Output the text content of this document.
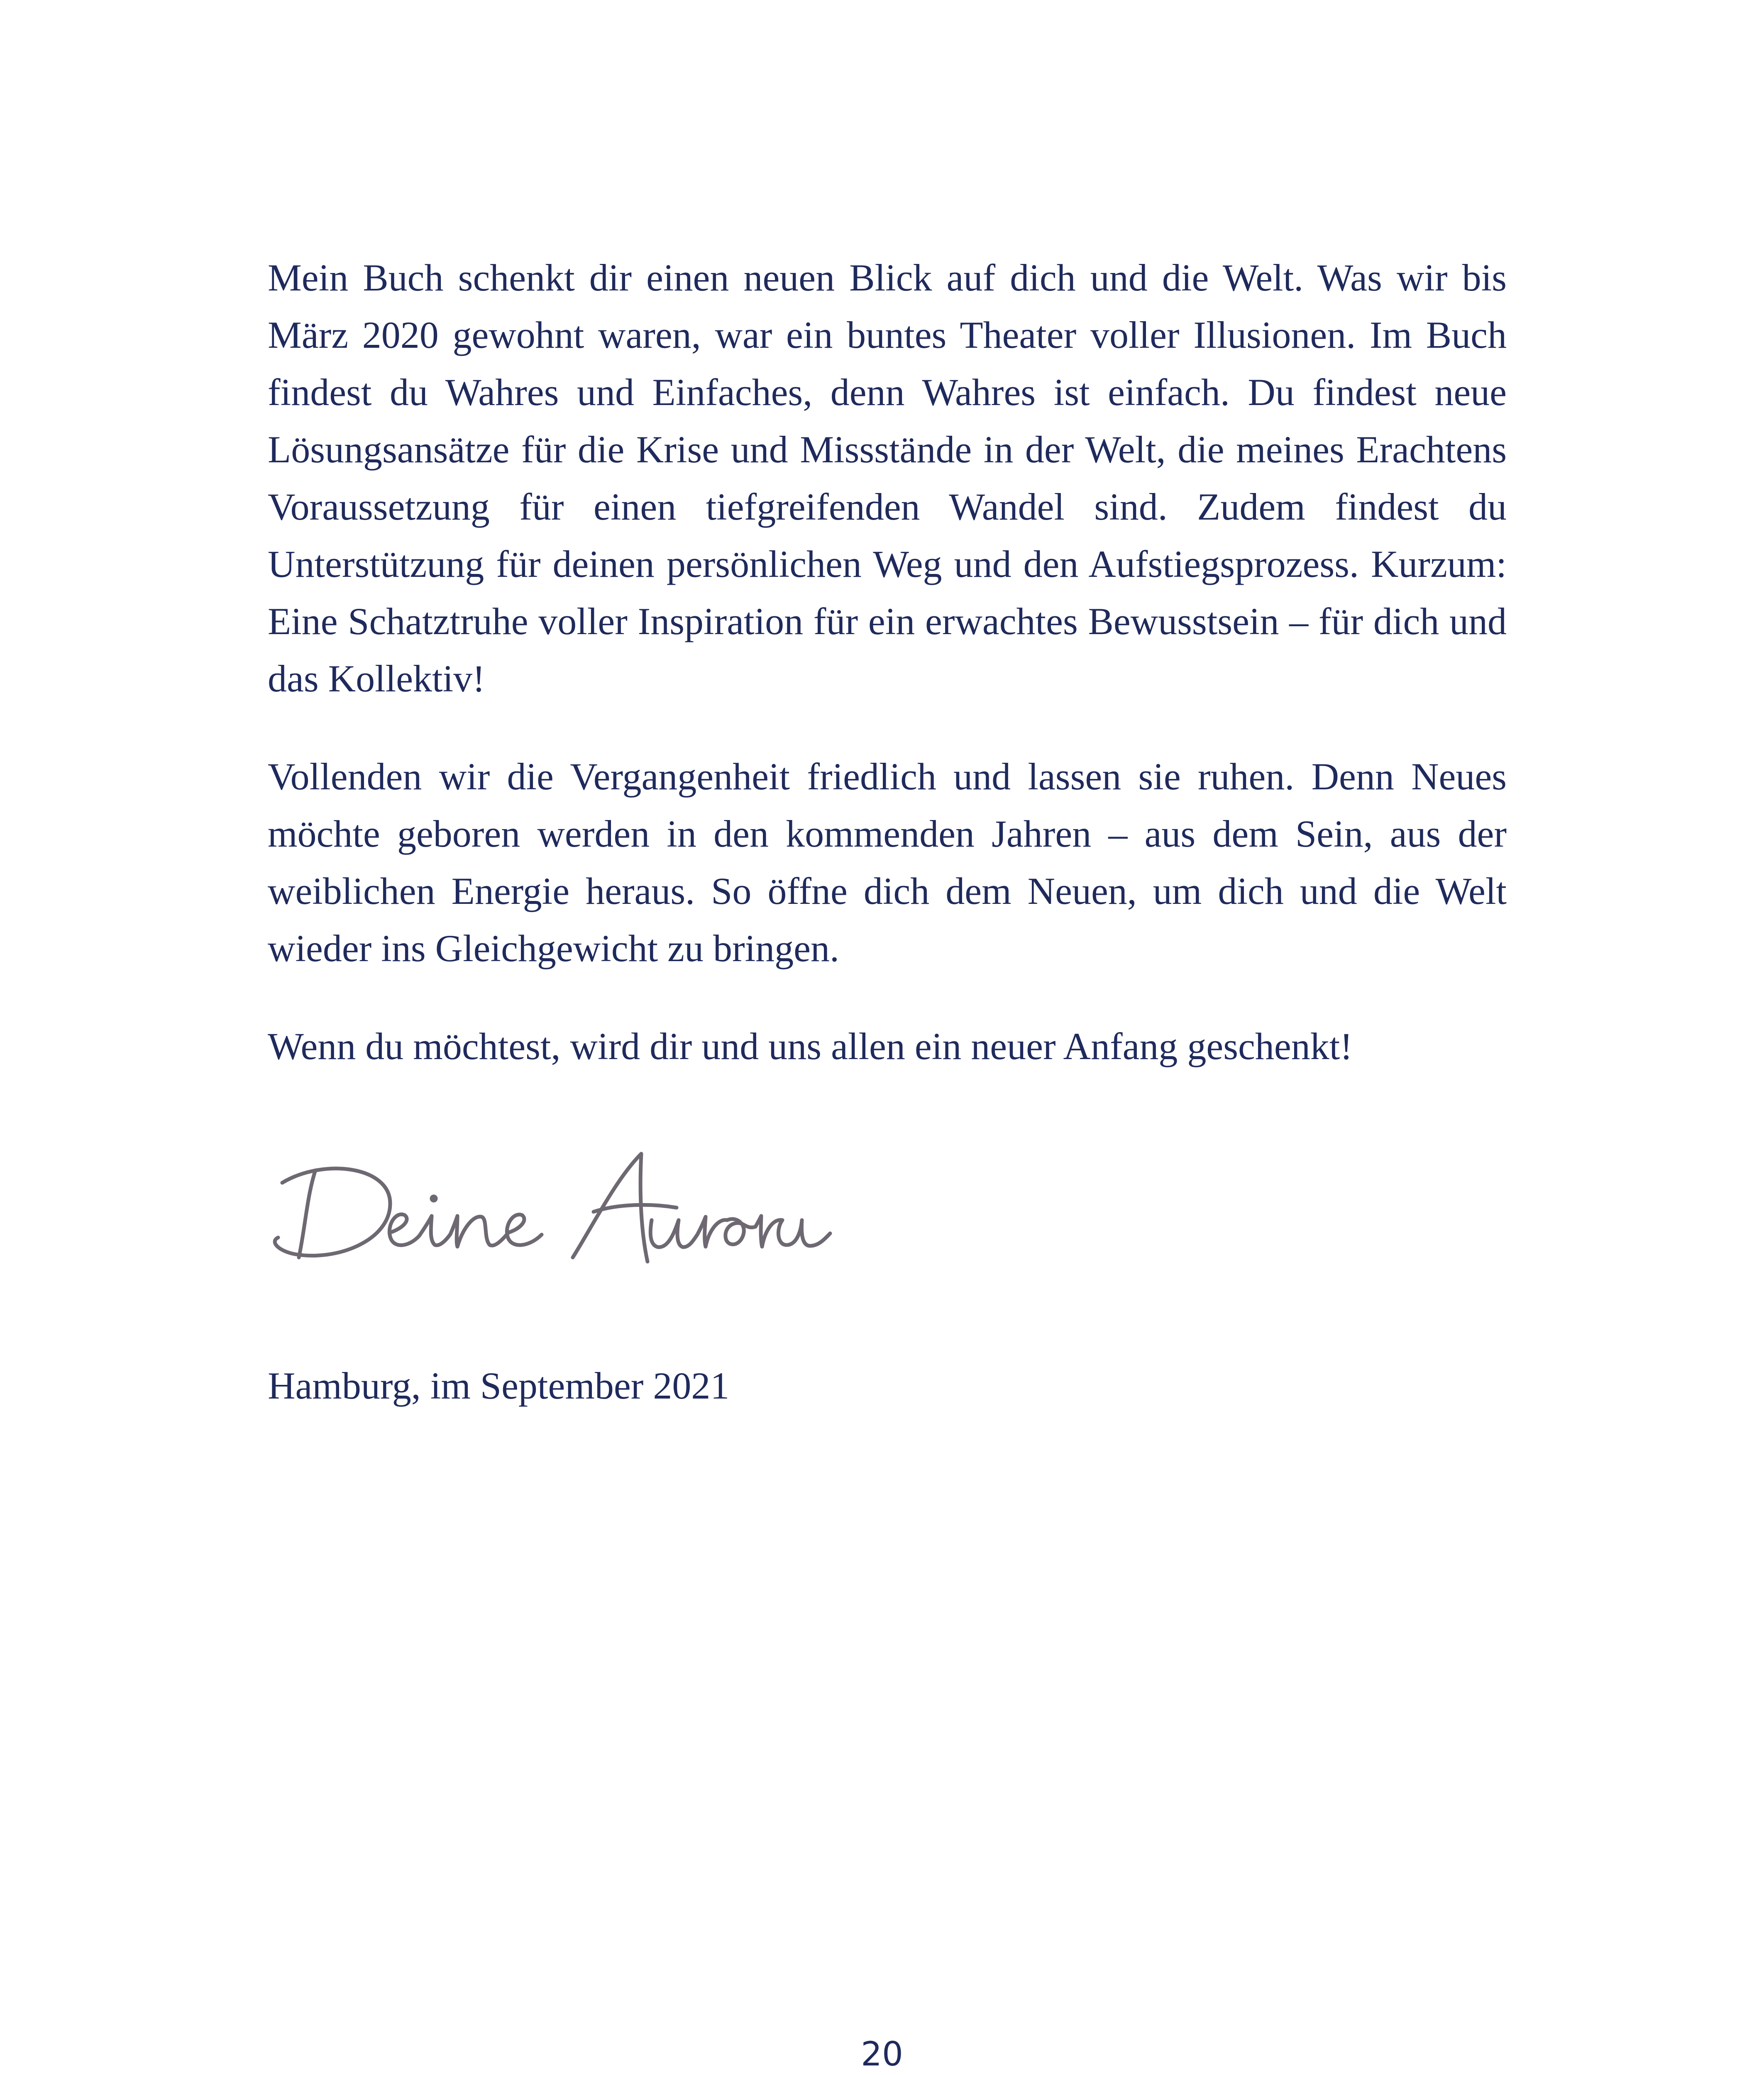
Mein Buch schenkt dir einen neuen Blick auf dich und die Welt. Was wir bis März 2020 gewohnt waren, war ein buntes Theater voller Illusionen. Im Buch findest du Wahres und Einfaches, denn Wahres ist einfach. Du findest neue Lösungsansätze für die Krise und Missstände in der Welt, die meines Erachtens Voraussetzung für einen tiefgreifenden Wandel sind. Zudem findest du Unterstützung für deinen persönlichen Weg und den Aufstiegsprozess. Kurzum: Eine Schatztruhe voller Inspiration für ein erwachtes Bewusstsein – für dich und das Kollektiv!

Vollenden wir die Vergangenheit friedlich und lassen sie ruhen. Denn Neues möchte geboren werden in den kommenden Jahren – aus dem Sein, aus der weiblichen Energie heraus. So öffne dich dem Neuen, um dich und die Welt wieder ins Gleichgewicht zu bringen.

Wenn du möchtest, wird dir und uns allen ein neuer Anfang geschenkt!

Hamburg, im September 2021

20
